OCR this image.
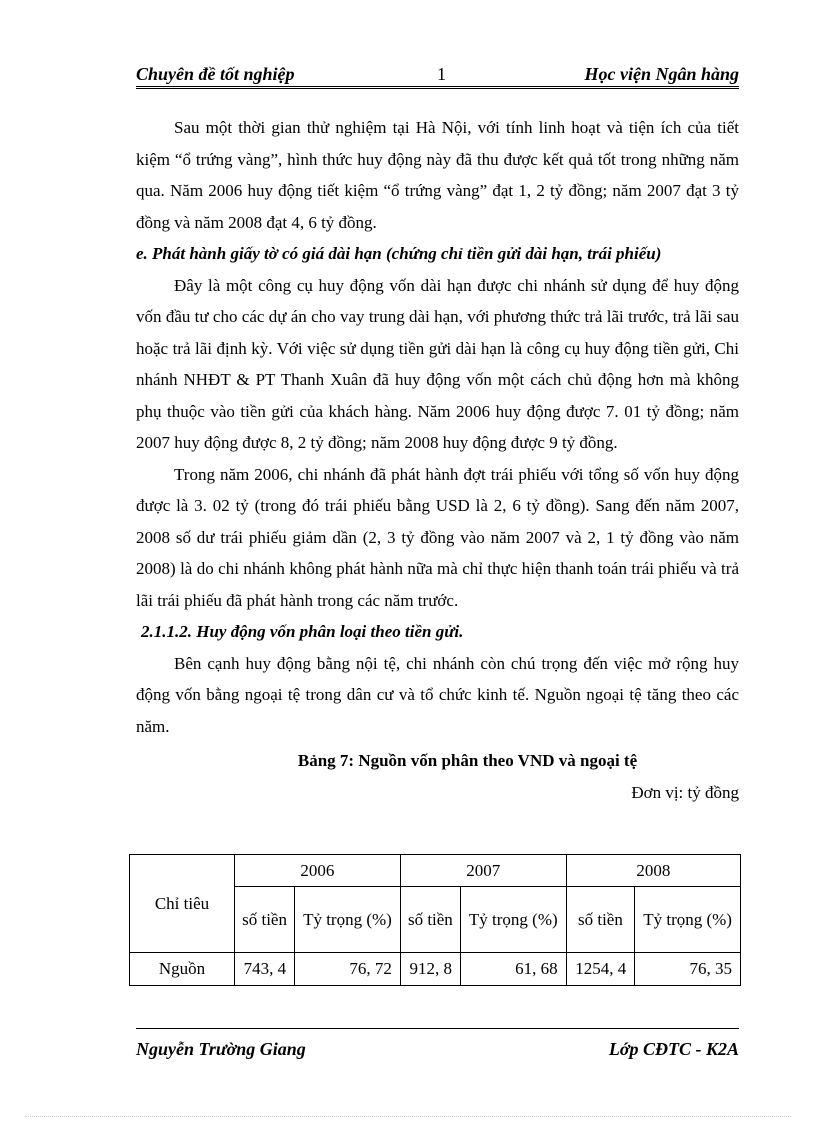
Chuyên đề tốt nghiệp	1	Học viện Ngân hàng

Sau một thời gian thử nghiệm tại Hà Nội, với tính linh hoạt và tiện ích của tiết kiệm “ổ trứng vàng”, hình thức huy động này đã thu được kết quả tốt trong những năm qua. Năm 2006 huy động tiết kiệm “ổ trứng vàng” đạt 1, 2 tỷ đồng; năm 2007 đạt 3 tỷ đồng và năm 2008 đạt 4, 6 tỷ đồng.

e. Phát hành giấy tờ có giá dài hạn (chứng chỉ tiền gửi dài hạn, trái phiếu)

Đây là một công cụ huy động vốn dài hạn được chi nhánh sử dụng để huy động vốn đầu tư cho các dự án cho vay trung dài hạn, với phương thức trả lãi trước, trả lãi sau hoặc trả lãi định kỳ. Với việc sử dụng tiền gửi dài hạn là công cụ huy động tiền gửi, Chi nhánh NHĐT & PT Thanh Xuân đã huy động vốn một cách chủ động hơn mà không phụ thuộc vào tiền gửi của khách hàng. Năm 2006 huy động được 7. 01 tỷ đồng; năm 2007 huy động được 8, 2 tỷ đồng; năm 2008 huy động được 9 tỷ đồng.

Trong năm 2006, chi nhánh đã phát hành đợt trái phiếu với tổng số vốn huy động được là 3. 02 tỷ (trong đó trái phiếu bằng USD là 2, 6 tỷ đồng). Sang đến năm 2007, 2008 số dư trái phiếu giảm dần (2, 3 tỷ đồng vào năm 2007 và 2, 1 tỷ đồng vào năm 2008) là do chi nhánh không phát hành nữa mà chỉ thực hiện thanh toán trái phiếu và trả lãi trái phiếu đã phát hành trong các năm trước.

2.1.1.2. Huy động vốn phân loại theo tiền gửi.

Bên cạnh huy động bằng nội tệ, chi nhánh còn chú trọng đến việc mở rộng huy động vốn bằng ngoại tệ trong dân cư và tổ chức kinh tế. Nguồn ngoại tệ tăng theo các năm.

Bảng 7: Nguồn vốn phân theo VND và ngoại tệ
Đơn vị: tỷ đồng
Chỉ tiêu	2006		2007		2008	
	số tiền	Tỷ trọng (%)	số tiền	Tỷ trọng (%)	số tiền	Tỷ trọng (%)
Nguồn	743, 4	76, 72	912, 8	61, 68	1254, 4	76, 35
Nguyễn Trường Giang	Lớp CĐTC - K2A
